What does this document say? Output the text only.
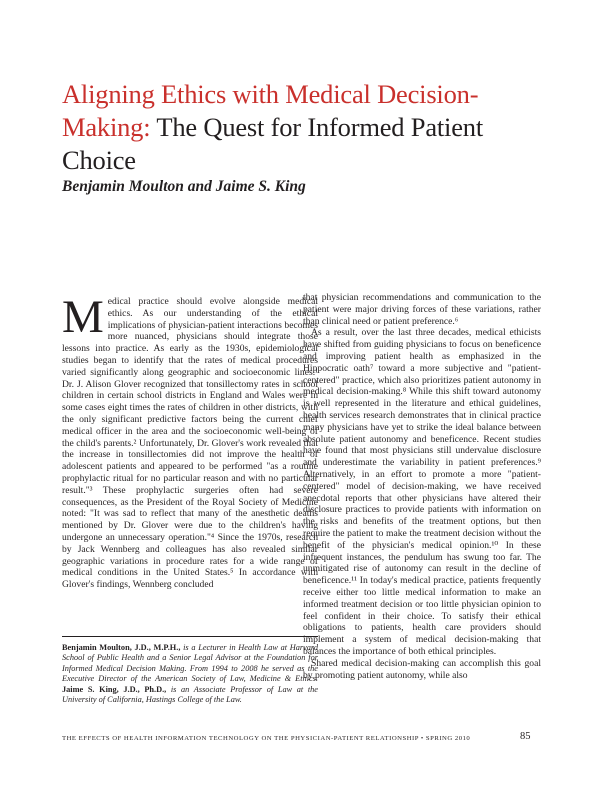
Aligning Ethics with Medical Decision-Making: The Quest for Informed Patient Choice

Benjamin Moulton and Jaime S. King

Medical practice should evolve alongside medical ethics. As our understanding of the ethical implications of physician-patient interactions becomes more nuanced, physicians should integrate those lessons into practice. As early as the 1930s, epidemiological studies began to identify that the rates of medical procedures varied significantly along geographic and socioeconomic lines.¹ Dr. J. Alison Glover recognized that tonsillectomy rates in school children in certain school districts in England and Wales were in some cases eight times the rates of children in other districts, with the only significant predictive factors being the current chief medical officer in the area and the socioeconomic well-being of the child's parents.² Unfortunately, Dr. Glover's work revealed that the increase in tonsillectomies did not improve the health of adolescent patients and appeared to be performed "as a routine prophylactic ritual for no particular reason and with no particular result."³ These prophylactic surgeries often had severe consequences, as the President of the Royal Society of Medicine noted: "It was sad to reflect that many of the anesthetic deaths mentioned by Dr. Glover were due to the children's having undergone an unnecessary operation."⁴ Since the 1970s, research by Jack Wennberg and colleagues has also revealed similar geographic variations in procedure rates for a wide range of medical conditions in the United States.⁵ In accordance with Glover's findings, Wennberg concluded

Benjamin Moulton, J.D., M.P.H., is a Lecturer in Health Law at Harvard School of Public Health and a Senior Legal Advisor at the Foundation for Informed Medical Decision Making. From 1994 to 2008 he served as the Executive Director of the American Society of Law, Medicine & Ethics. Jaime S. King, J.D., Ph.D., is an Associate Professor of Law at the University of California, Hastings College of the Law.

that physician recommendations and communication to the patient were major driving forces of these variations, rather than clinical need or patient preference.⁶

As a result, over the last three decades, medical ethicists have shifted from guiding physicians to focus on beneficence and improving patient health as emphasized in the Hippocratic oath⁷ toward a more subjective and "patient-centered" practice, which also prioritizes patient autonomy in medical decision-making.⁸ While this shift toward autonomy is well represented in the literature and ethical guidelines, health services research demonstrates that in clinical practice many physicians have yet to strike the ideal balance between absolute patient autonomy and beneficence. Recent studies have found that most physicians still undervalue disclosure and underestimate the variability in patient preferences.⁹ Alternatively, in an effort to promote a more "patient-centered" model of decision-making, we have received anecdotal reports that other physicians have altered their disclosure practices to provide patients with information on the risks and benefits of the treatment options, but then require the patient to make the treatment decision without the benefit of the physician's medical opinion.¹⁰ In these infrequent instances, the pendulum has swung too far. The unmitigated rise of autonomy can result in the decline of beneficence.¹¹ In today's medical practice, patients frequently receive either too little medical information to make an informed treatment decision or too little physician opinion to feel confident in their choice. To satisfy their ethical obligations to patients, health care providers should implement a system of medical decision-making that balances the importance of both ethical principles.

Shared medical decision-making can accomplish this goal by promoting patient autonomy, while also

THE EFFECTS OF HEALTH INFORMATION TECHNOLOGY ON THE PHYSICIAN-PATIENT RELATIONSHIP • SPRING 2010	85
